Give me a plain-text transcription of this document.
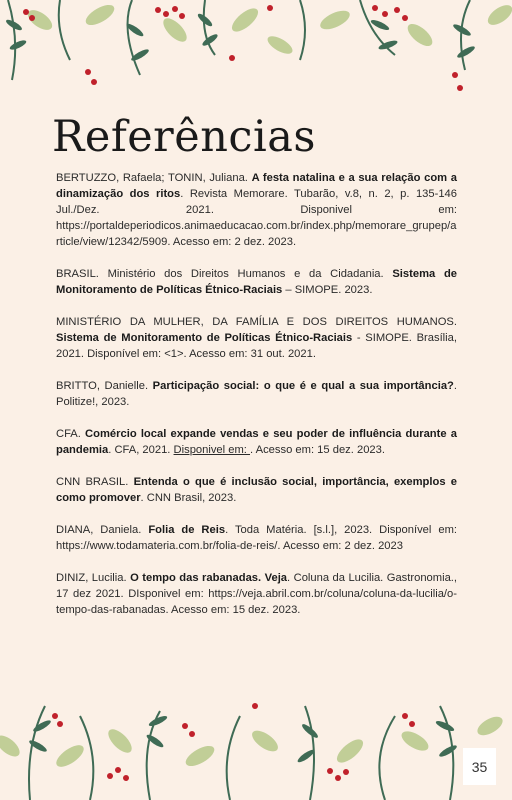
Referências

BERTUZZO, Rafaela; TONIN, Juliana. A festa natalina e a sua relação com a dinamização dos ritos. Revista Memorare. Tubarão, v.8, n. 2, p. 135-146 Jul./Dez. 2021. Disponivel em: https://portaldeperiodicos.animaeducacao.com.br/index.php/memorare_grupep/article/view/12342/5909. Acesso em: 2 dez. 2023.

BRASIL. Ministério dos Direitos Humanos e da Cidadania. Sistema de Monitoramento de Políticas Étnico-Raciais – SIMOPE. 2023.

MINISTÉRIO DA MULHER, DA FAMÍLIA E DOS DIREITOS HUMANOS. Sistema de Monitoramento de Políticas Étnico-Raciais - SIMOPE. Brasília, 2021. Disponível em: <1>. Acesso em: 31 out. 2021.

BRITTO, Danielle. Participação social: o que é e qual a sua importância?. Politize!, 2023.

CFA. Comércio local expande vendas e seu poder de influência durante a pandemia. CFA, 2021. Disponivel em: . Acesso em: 15 dez. 2023.

CNN BRASIL. Entenda o que é inclusão social, importância, exemplos e como promover. CNN Brasil, 2023.

DIANA, Daniela. Folia de Reis. Toda Matéria. [s.l.], 2023. Disponível em: https://www.todamateria.com.br/folia-de-reis/. Acesso em: 2 dez. 2023

DINIZ, Lucilia. O tempo das rabanadas. Veja. Coluna da Lucilia. Gastronomia., 17 dez 2021. DIsponivel em: https://veja.abril.com.br/coluna/coluna-da-lucilia/o-tempo-das-rabanadas. Acesso em: 15 dez. 2023.

35
